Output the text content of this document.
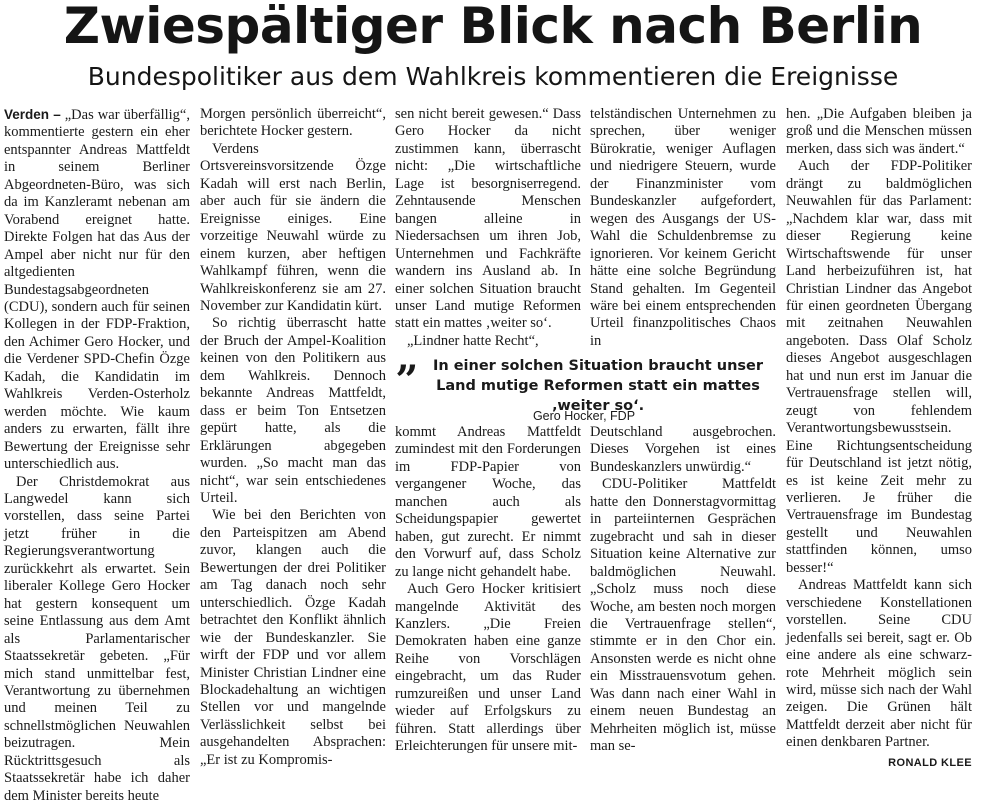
Zwiespältiger Blick nach Berlin
Bundespolitiker aus dem Wahlkreis kommentieren die Ereignisse

Verden – „Das war überfällig“, kommentierte gestern ein eher entspannter Andreas Mattfeldt in seinem Berliner Abgeordneten-Büro, was sich da im Kanzleramt nebenan am Vorabend ereignet hatte. Direkte Folgen hat das Aus der Ampel aber nicht nur für den altgedienten Bundestagsabgeordneten (CDU), sondern auch für seinen Kollegen in der FDP-Fraktion, den Achimer Gero Hocker, und die Verdener SPD-Chefin Özge Kadah, die Kandidatin im Wahlkreis Verden-Osterholz werden möchte. Wie kaum anders zu erwarten, fällt ihre Bewertung der Ereignisse sehr unterschiedlich aus.

Der Christdemokrat aus Langwedel kann sich vorstellen, dass seine Partei jetzt früher in die Regierungsverantwortung zurückkehrt als erwartet. Sein liberaler Kollege Gero Hocker hat gestern konsequent um seine Entlassung aus dem Amt als Parlamentarischer Staatssekretär gebeten. „Für mich stand unmittelbar fest, Verantwortung zu übernehmen und meinen Teil zu schnellstmöglichen Neuwahlen beizutragen. Mein Rücktrittsgesuch als Staatssekretär habe ich daher dem Minister bereits heute

Morgen persönlich überreicht“, berichtete Hocker gestern.

Verdens Ortsvereinsvorsitzende Özge Kadah will erst nach Berlin, aber auch für sie ändern die Ereignisse einiges. Eine vorzeitige Neuwahl würde zu einem kurzen, aber heftigen Wahlkampf führen, wenn die Wahlkreiskonferenz sie am 27. November zur Kandidatin kürt.

So richtig überrascht hatte der Bruch der Ampel-Koalition keinen von den Politikern aus dem Wahlkreis. Dennoch bekannte Andreas Mattfeldt, dass er beim Ton Entsetzen gepürt hatte, als die Erklärungen abgegeben wurden. „So macht man das nicht“, war sein entschiedenes Urteil.

Wie bei den Berichten von den Parteispitzen am Abend zuvor, klangen auch die Bewertungen der drei Politiker am Tag danach noch sehr unterschiedlich. Özge Kadah betrachtet den Konflikt ähnlich wie der Bundeskanzler. Sie wirft der FDP und vor allem Minister Christian Lindner eine Blockadehaltung an wichtigen Stellen vor und mangelnde Verlässlichkeit selbst bei ausgehandelten Absprachen: „Er ist zu Kompromis-

sen nicht bereit gewesen.“ Dass Gero Hocker da nicht zustimmen kann, überrascht nicht: „Die wirtschaftliche Lage ist besorgniserregend. Zehntausende Menschen bangen alleine in Niedersachsen um ihren Job, Unternehmen und Fachkräfte wandern ins Ausland ab. In einer solchen Situation braucht unser Land mutige Reformen statt ein mattes ‚weiter so‘.

„Lindner hatte Recht“,

telständischen Unternehmen zu sprechen, über weniger Bürokratie, weniger Auflagen und niedrigere Steuern, wurde der Finanzminister vom Bundeskanzler aufgefordert, wegen des Ausgangs der US-Wahl die Schuldenbremse zu ignorieren. Vor keinem Gericht hätte eine solche Begründung Stand gehalten. Im Gegenteil wäre bei einem entsprechenden Urteil finanzpolitisches Chaos in

„	In einer solchen Situation braucht unser Land mutige Reformen statt ein mattes ‚weiter so‘.
Gero Hocker, FDP

kommt Andreas Mattfeldt zumindest mit den Forderungen im FDP-Papier von vergangener Woche, das manchen auch als Scheidungspapier gewertet haben, gut zurecht. Er nimmt den Vorwurf auf, dass Scholz zu lange nicht gehandelt habe.

Auch Gero Hocker kritisiert mangelnde Aktivität des Kanzlers. „Die Freien Demokraten haben eine ganze Reihe von Vorschlägen eingebracht, um das Ruder rumzureißen und unser Land wieder auf Erfolgskurs zu führen. Statt allerdings über Erleichterungen für unsere mit-

Deutschland ausgebrochen. Dieses Vorgehen ist eines Bundeskanzlers unwürdig.“

CDU-Politiker Mattfeldt hatte den Donnerstagvormittag in parteiinternen Gesprächen zugebracht und sah in dieser Situation keine Alternative zur baldmöglichen Neuwahl. „Scholz muss noch diese Woche, am besten noch morgen die Vertrauenfrage stellen“, stimmte er in den Chor ein. Ansonsten werde es nicht ohne ein Misstrauensvotum gehen. Was dann nach einer Wahl in einem neuen Bundestag an Mehrheiten möglich ist, müsse man se-

hen. „Die Aufgaben bleiben ja groß und die Menschen müssen merken, dass sich was ändert.“

Auch der FDP-Politiker drängt zu baldmöglichen Neuwahlen für das Parlament: „Nachdem klar war, dass mit dieser Regierung keine Wirtschaftswende für unser Land herbeizuführen ist, hat Christian Lindner das Angebot für einen geordneten Übergang mit zeitnahen Neuwahlen angeboten. Dass Olaf Scholz dieses Angebot ausgeschlagen hat und nun erst im Januar die Vertrauensfrage stellen will, zeugt von fehlendem Verantwortungsbewusstsein. Eine Richtungsentscheidung für Deutschland ist jetzt nötig, es ist keine Zeit mehr zu verlieren. Je früher die Vertrauensfrage im Bundestag gestellt und Neuwahlen stattfinden können, umso besser!“

Andreas Mattfeldt kann sich verschiedene Konstellationen vorstellen. Seine CDU jedenfalls sei bereit, sagt er. Ob eine andere als eine schwarz-rote Mehrheit möglich sein wird, müsse sich nach der Wahl zeigen. Die Grünen hält Mattfeldt derzeit aber nicht für einen denkbaren Partner.
RONALD KLEE
